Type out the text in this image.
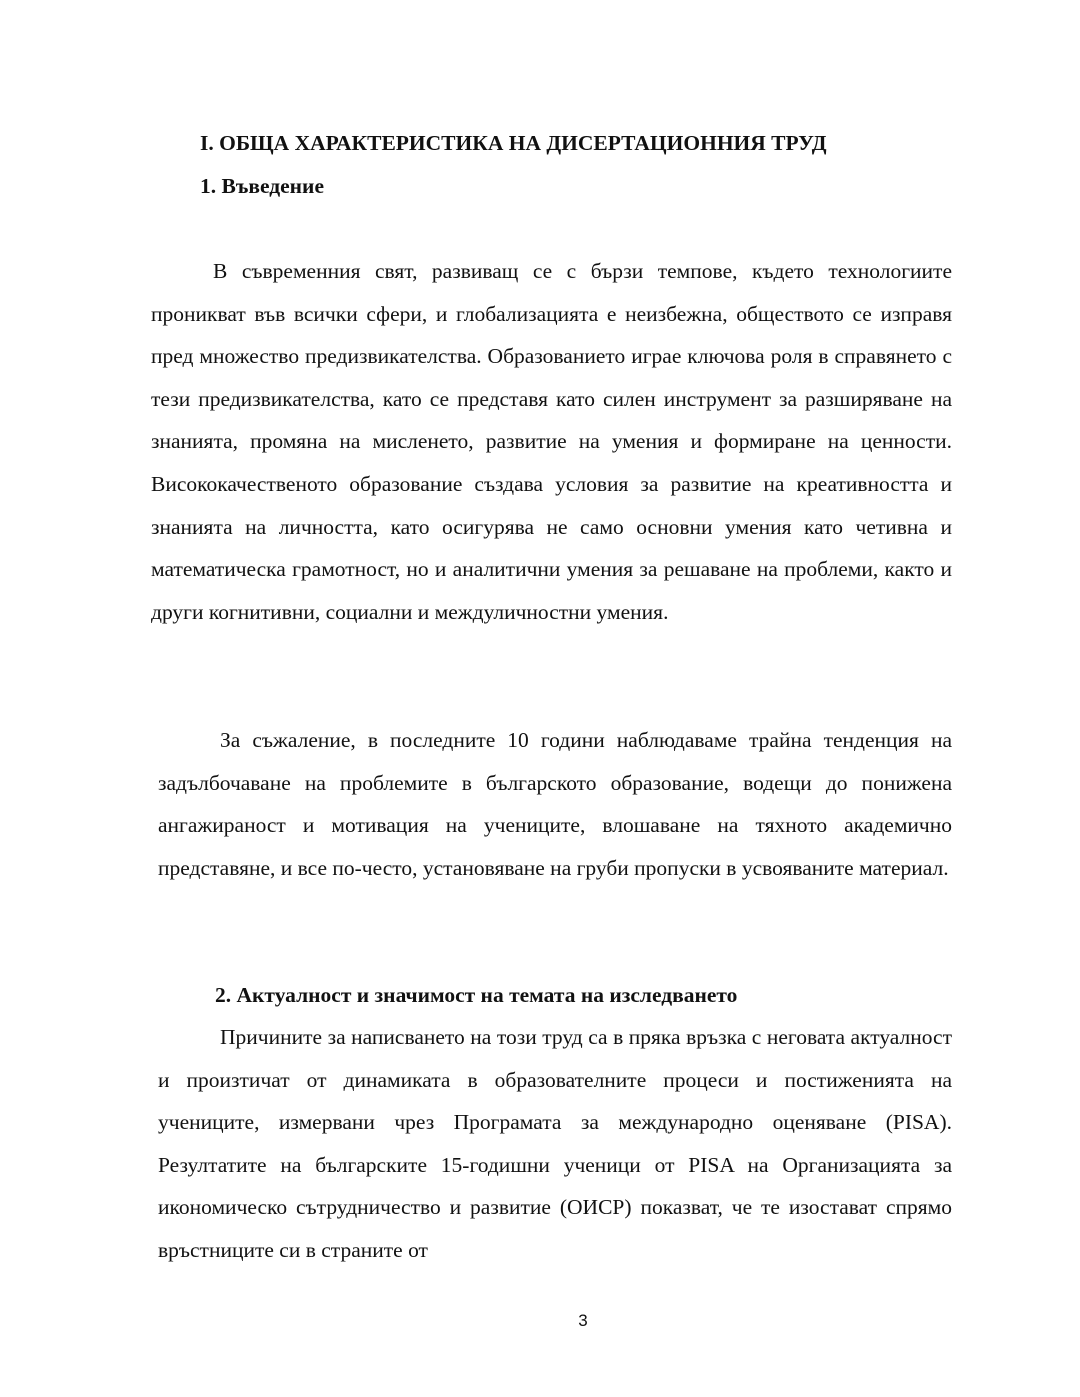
I. ОБЩА ХАРАКТЕРИСТИКА НА ДИСЕРТАЦИОННИЯ ТРУД
1. Въведение

В съвременния свят, развиващ се с бързи темпове, където технологиите проникват във всички сфери, и глобализацията е неизбежна, обществото се изправя пред множество предизвикателства. Образованието играе ключова роля в справянето с тези предизвикателства, като се представя като силен инструмент за разширяване на знанията, промяна на мисленето, развитие на умения и формиране на ценности. Висококачественото образование създава условия за развитие на креативността и знанията на личността, като осигурява не само основни умения като четивна и математическа грамотност, но и аналитични умения за решаване на проблеми, както и други когнитивни, социални и междуличностни умения.

За съжаление, в последните 10 години наблюдаваме трайна тенденция на задълбочаване на проблемите в българското образование, водещи до понижена ангажираност и мотивация на учениците, влошаване на тяхното академично представяне, и все по-често, установяване на груби пропуски в усвояваните материал.

2. Актуалност и значимост на темата на изследването

Причините за написването на този труд са в пряка връзка с неговата актуалност и произтичат от динамиката в образователните процеси и постиженията на учениците, измервани чрез Програмата за международно оценяване (PISA). Резултатите на българските 15-годишни ученици от PISA на Организацията за икономическо сътрудничество и развитие (ОИСР) показват, че те изостават спрямо връстниците си в страните от

3
